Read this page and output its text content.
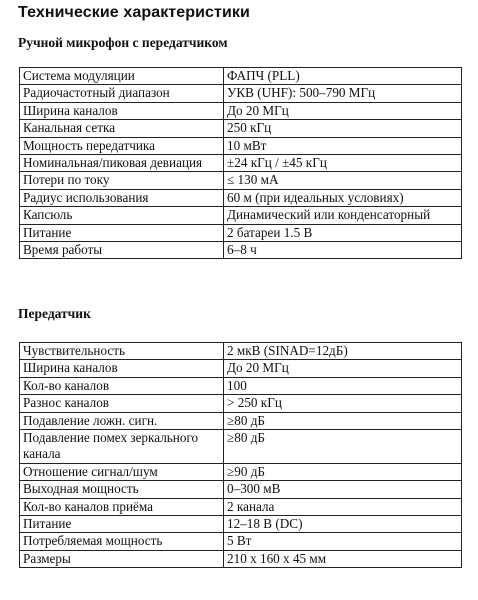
Технические характеристики
Ручной микрофон с передатчиком
Система модуляции	ФАПЧ (PLL)
Радиочастотный диапазон	УКВ (UHF): 500–790 МГц
Ширина каналов	До 20 МГц
Канальная сетка	250 кГц
Мощность передатчика	10 мВт
Номинальная/пиковая девиация	±24 кГц / ±45 кГц
Потери по току	≤ 130 мА
Радиус использования	60 м (при идеальных условиях)
Капсюль	Динамический или конденсаторный
Питание	2 батареи 1.5 В
Время работы	6–8 ч
Передатчик
Чувствительность	2 мкВ (SINAD=12дБ)
Ширина каналов	До 20 МГц
Кол-во каналов	100
Разнос каналов	> 250 кГц
Подавление ложн. сигн.	≥80 дБ
Подавление помех зеркального канала	≥80 дБ
Отношение сигнал/шум	≥90 дБ
Выходная мощность	0–300 мВ
Кол-во каналов приёма	2 канала
Питание	12–18 В (DC)
Потребляемая мощность	5 Вт
Размеры	210 x 160 x 45 мм
